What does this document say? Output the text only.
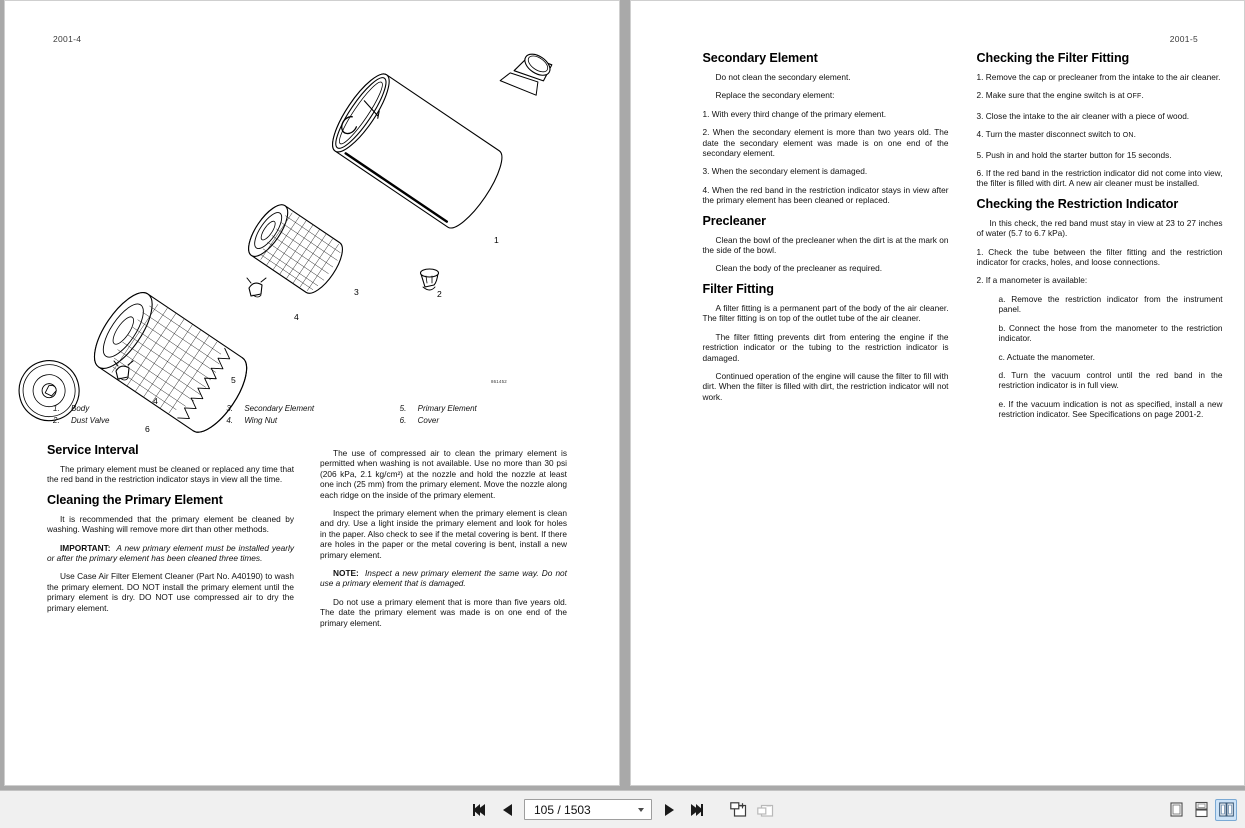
2001-4
1
2
3
4
5
4
6
861452
1.	Body
2.	Dust Valve
3.	Secondary Element
4.	Wing Nut
5.	Primary Element
6.	Cover
Service Interval
The primary element must be cleaned or replaced any time that the red band in the restriction indicator stays in view all the time.
Cleaning the Primary Element
It is recommended that the primary element be cleaned by washing. Washing will remove more dirt than other methods.
IMPORTANT: A new primary element must be installed yearly or after the primary element has been cleaned three times.
Use Case Air Filter Element Cleaner (Part No. A40190) to wash the primary element. DO NOT install the primary element until the primary element is dry. DO NOT use compressed air to dry the primary element.
The use of compressed air to clean the primary element is permitted when washing is not available. Use no more than 30 psi (206 kPa, 2.1 kg/cm²) at the nozzle and hold the nozzle at least one inch (25 mm) from the primary element. Move the nozzle along each ridge on the inside of the primary element.
Inspect the primary element when the primary element is clean and dry. Use a light inside the primary element and look for holes in the paper. Also check to see if the metal covering is bent. If there are holes in the paper or the metal covering is bent, install a new primary element.
NOTE: Inspect a new primary element the same way. Do not use a primary element that is damaged.
Do not use a primary element that is more than five years old. The date the primary element was made is on one end of the primary element.
2001-5
Secondary Element
Do not clean the secondary element.
Replace the secondary element:
1. With every third change of the primary element.
2. When the secondary element is more than two years old. The date the secondary element was made is on one end of the secondary element.
3. When the secondary element is damaged.
4. When the red band in the restriction indicator stays in view after the primary element has been cleaned or replaced.
Precleaner
Clean the bowl of the precleaner when the dirt is at the mark on the side of the bowl.
Clean the body of the precleaner as required.
Filter Fitting
A filter fitting is a permanent part of the body of the air cleaner. The filter fitting is on top of the outlet tube of the air cleaner.
The filter fitting prevents dirt from entering the engine if the restriction indicator or the tubing to the restriction indicator is damaged.
Continued operation of the engine will cause the filter to fill with dirt. When the filter is filled with dirt, the restriction indicator will not work.
Checking the Filter Fitting
1. Remove the cap or precleaner from the intake to the air cleaner.
2. Make sure that the engine switch is at OFF.
3. Close the intake to the air cleaner with a piece of wood.
4. Turn the master disconnect switch to ON.
5. Push in and hold the starter button for 15 seconds.
6. If the red band in the restriction indicator did not come into view, the filter is filled with dirt. A new air cleaner must be installed.
Checking the Restriction Indicator
In this check, the red band must stay in view at 23 to 27 inches of water (5.7 to 6.7 kPa).
1. Check the tube between the filter fitting and the restriction indicator for cracks, holes, and loose connections.
2. If a manometer is available:
a. Remove the restriction indicator from the instrument panel.
b. Connect the hose from the manometer to the restriction indicator.
c. Actuate the manometer.
d. Turn the vacuum control until the red band in the restriction indicator is in full view.
e. If the vacuum indication is not as specified, install a new restriction indicator. See Specifications on page 2001-2.
105 / 1503
